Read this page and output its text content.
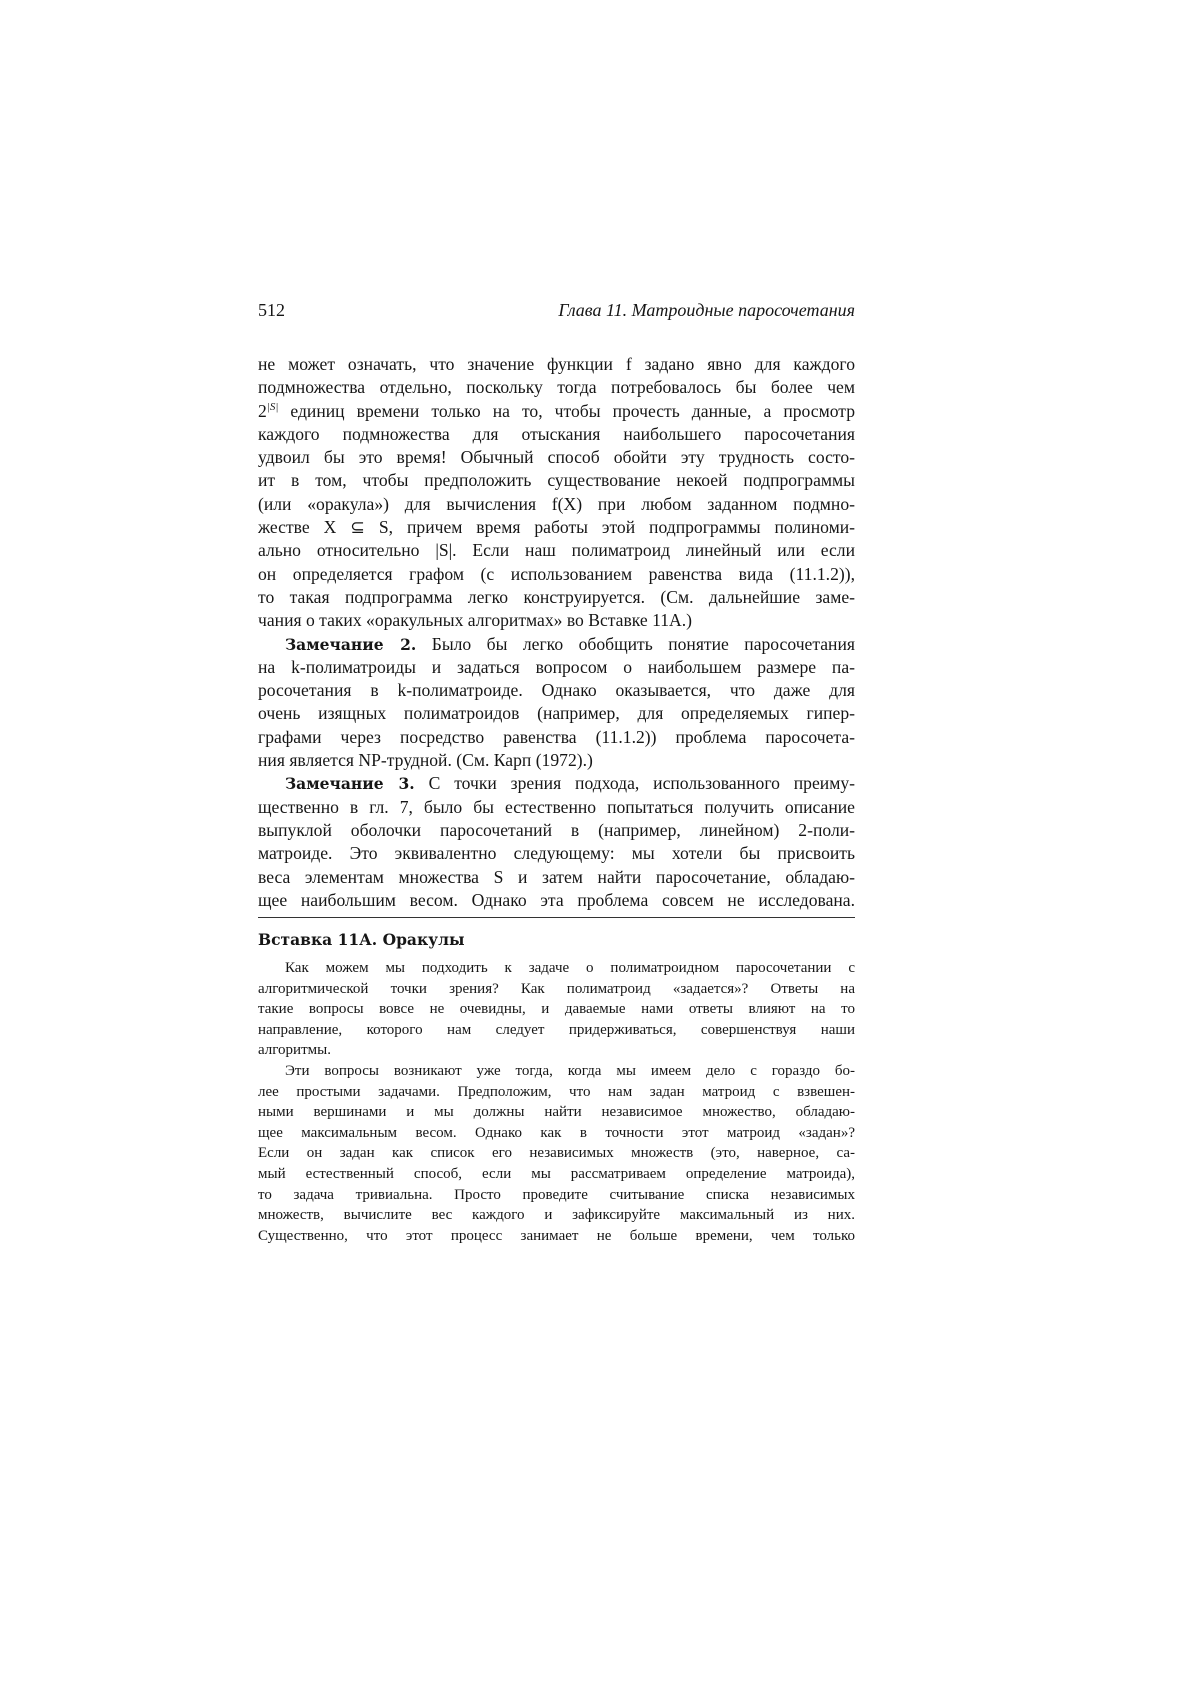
512	Глава 11. Матроидные паросочетания
не может означать, что значение функции f задано явно для каждого
подмножества отдельно, поскольку тогда потребовалось бы более чем
$2^{|S|}$ единиц времени только на то, чтобы прочесть данные, а просмотр
каждого подмножества для отыскания наибольшего паросочетания
удвоил бы это время! Обычный способ обойти эту трудность состо-
ит в том, чтобы предположить существование некоей подпрограммы
(или «оракула») для вычисления f(X) при любом заданном подмно-
жестве X ⊆ S, причем время работы этой подпрограммы полиноми-
ально относительно |S|. Если наш полиматроид линейный или если
он определяется графом (с использованием равенства вида (11.1.2)),
то такая подпрограмма легко конструируется. (См. дальнейшие заме-
чания о таких «оракульных алгоритмах» во Вставке 11А.)
Замечание 2. Было бы легко обобщить понятие паросочетания
на k-полиматроиды и задаться вопросом о наибольшем размере па-
росочетания в k-полиматроиде. Однако оказывается, что даже для
очень изящных полиматроидов (например, для определяемых гипер-
графами через посредство равенства (11.1.2)) проблема паросочета-
ния является NP-трудной. (См. Карп (1972).)
Замечание 3. С точки зрения подхода, использованного преиму-
щественно в гл. 7, было бы естественно попытаться получить описание
выпуклой оболочки паросочетаний в (например, линейном) 2-поли-
матроиде. Это эквивалентно следующему: мы хотели бы присвоить
веса элементам множества S и затем найти паросочетание, обладаю-
щее наибольшим весом. Однако эта проблема совсем не исследована.
Вставка 11А. Оракулы
Как можем мы подходить к задаче о полиматроидном паросочетании с
алгоритмической точки зрения? Как полиматроид «задается»? Ответы на
такие вопросы вовсе не очевидны, и даваемые нами ответы влияют на то
направление, которого нам следует придерживаться, совершенствуя наши
алгоритмы.
Эти вопросы возникают уже тогда, когда мы имеем дело с гораздо бо-
лее простыми задачами. Предположим, что нам задан матроид с взвешен-
ными вершинами и мы должны найти независимое множество, обладаю-
щее максимальным весом. Однако как в точности этот матроид «задан»?
Если он задан как список его независимых множеств (это, наверное, са-
мый естественный способ, если мы рассматриваем определение матроида),
то задача тривиальна. Просто проведите считывание списка независимых
множеств, вычислите вес каждого и зафиксируйте максимальный из них.
Существенно, что этот процесс занимает не больше времени, чем только
